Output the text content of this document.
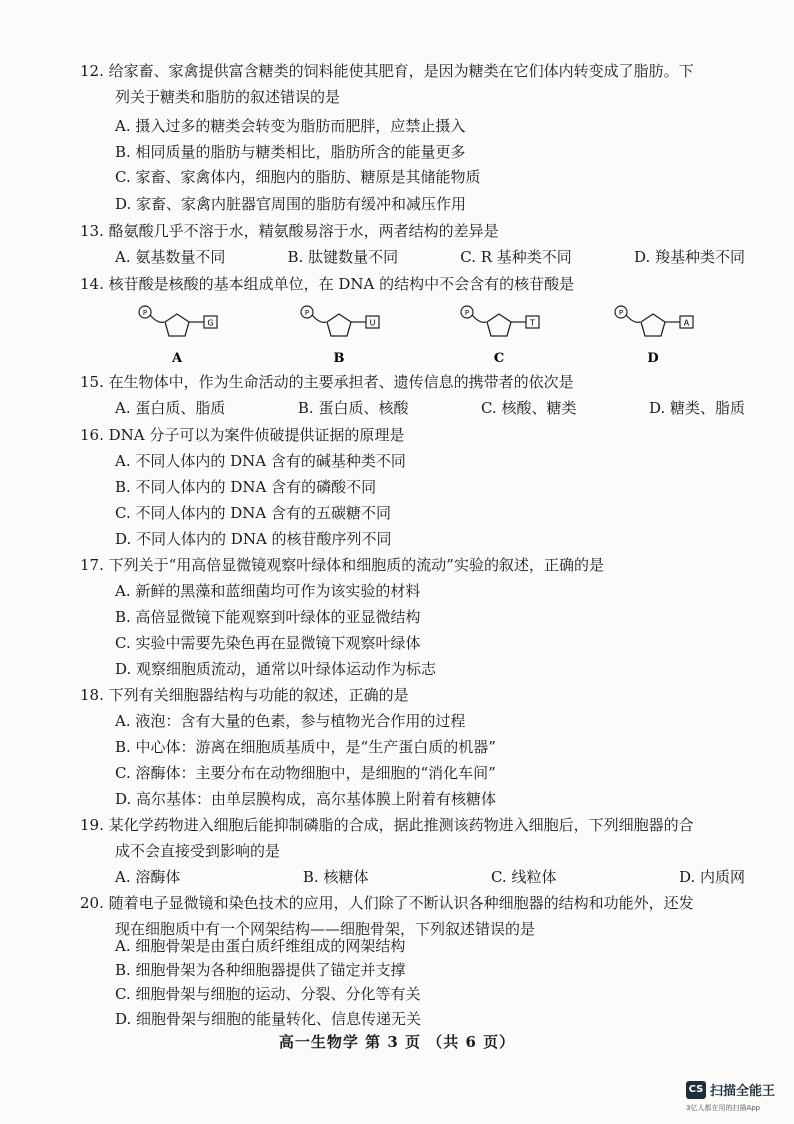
12. 给家畜、家禽提供富含糖类的饲料能使其肥育，是因为糖类在它们体内转变成了脂肪。下
列关于糖类和脂肪的叙述错误的是
A. 摄入过多的糖类会转变为脂肪而肥胖，应禁止摄入
B. 相同质量的脂肪与糖类相比，脂肪所含的能量更多
C. 家畜、家禽体内，细胞内的脂肪、糖原是其储能物质
D. 家畜、家禽内脏器官周围的脂肪有缓冲和减压作用
13. 酪氨酸几乎不溶于水，精氨酸易溶于水，两者结构的差异是
A. 氨基数量不同	B. 肽键数量不同	C. R 基种类不同	D. 羧基种类不同
14. 核苷酸是核酸的基本组成单位，在 DNA 的结构中不会含有的核苷酸是
P
G
A
P
U
B
P
T
C
P
A
D
15. 在生物体中，作为生命活动的主要承担者、遗传信息的携带者的依次是
A. 蛋白质、脂质	B. 蛋白质、核酸	C. 核酸、糖类	D. 糖类、脂质
16. DNA 分子可以为案件侦破提供证据的原理是
A. 不同人体内的 DNA 含有的碱基种类不同
B. 不同人体内的 DNA 含有的磷酸不同
C. 不同人体内的 DNA 含有的五碳糖不同
D. 不同人体内的 DNA 的核苷酸序列不同
17. 下列关于“用高倍显微镜观察叶绿体和细胞质的流动”实验的叙述，正确的是
A. 新鲜的黑藻和蓝细菌均可作为该实验的材料
B. 高倍显微镜下能观察到叶绿体的亚显微结构
C. 实验中需要先染色再在显微镜下观察叶绿体
D. 观察细胞质流动，通常以叶绿体运动作为标志
18. 下列有关细胞器结构与功能的叙述，正确的是
A. 液泡：含有大量的色素，参与植物光合作用的过程
B. 中心体：游离在细胞质基质中，是“生产蛋白质的机器”
C. 溶酶体：主要分布在动物细胞中，是细胞的“消化车间”
D. 高尔基体：由单层膜构成，高尔基体膜上附着有核糖体
19. 某化学药物进入细胞后能抑制磷脂的合成，据此推测该药物进入细胞后，下列细胞器的合
成不会直接受到影响的是
A. 溶酶体	B. 核糖体	C. 线粒体	D. 内质网
20. 随着电子显微镜和染色技术的应用，人们除了不断认识各种细胞器的结构和功能外，还发
现在细胞质中有一个网架结构——细胞骨架，下列叙述错误的是
A. 细胞骨架是由蛋白质纤维组成的网架结构
B. 细胞骨架为各种细胞器提供了锚定并支撑
C. 细胞骨架与细胞的运动、分裂、分化等有关
高一生物学 第 3 页 （共 6 页）
CS 扫描全能王
3亿人都在用的扫描App
D. 细胞骨架与细胞的能量转化、信息传递无关
